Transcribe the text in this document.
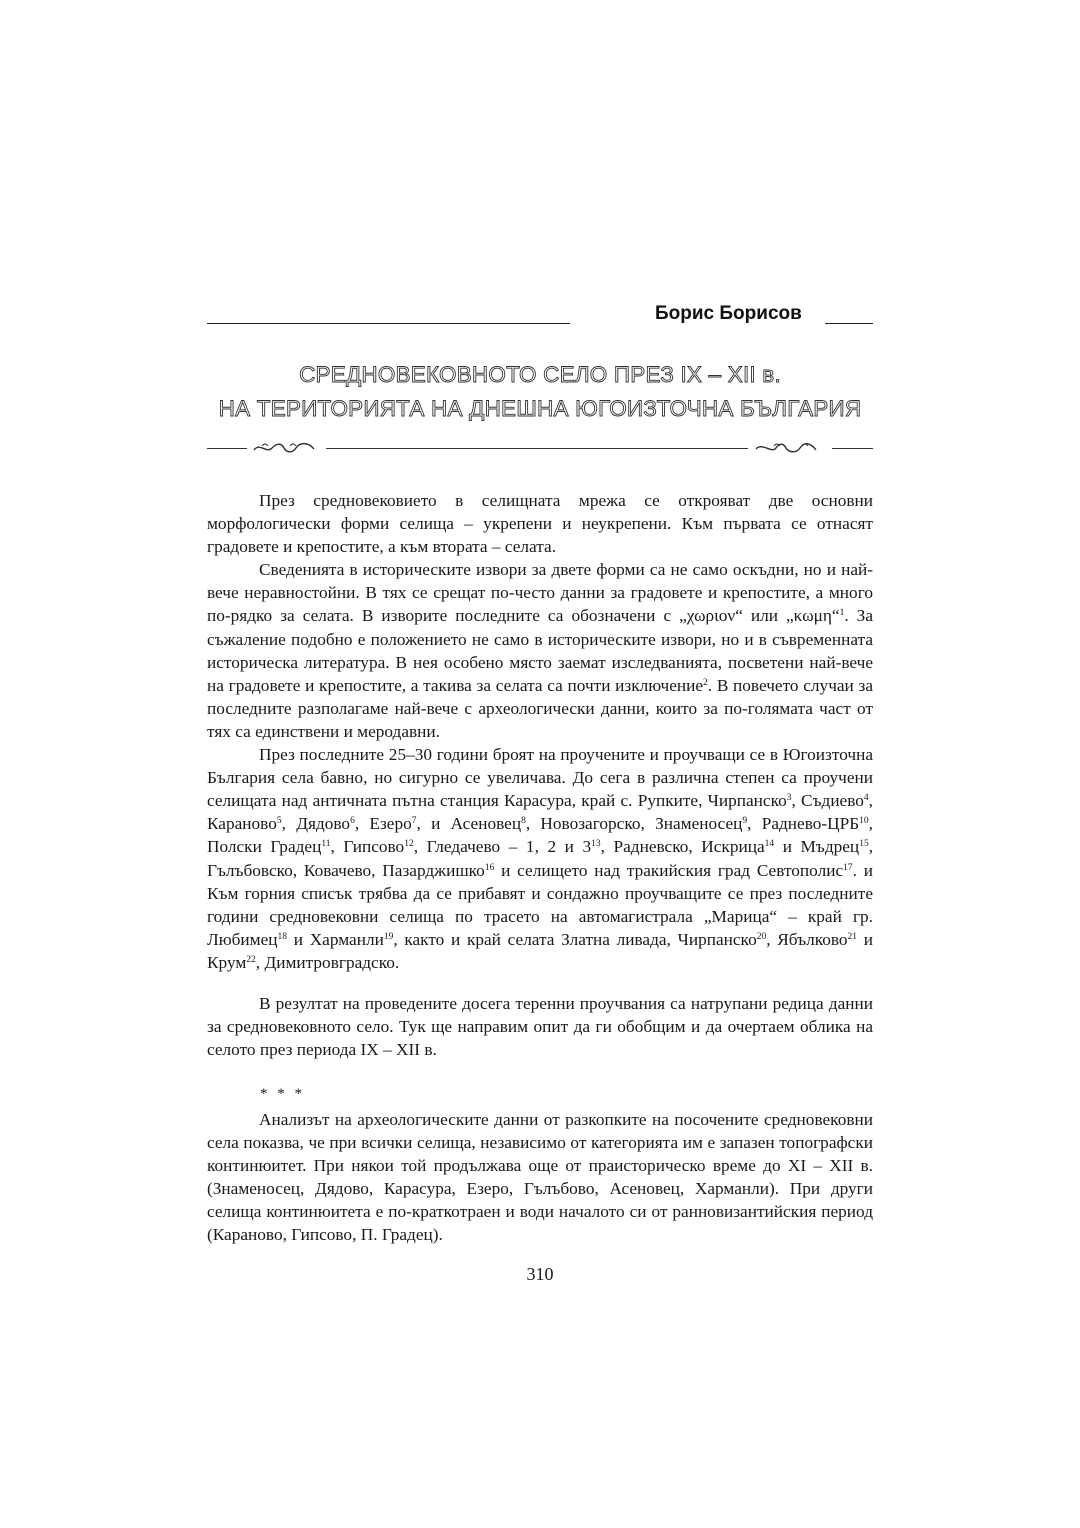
Борис Борисов
СРЕДНОВЕКОВНОТО СЕЛО ПРЕЗ IX – XII в.
НА ТЕРИТОРИЯТА НА ДНЕШНА ЮГОИЗТОЧНА БЪЛГАРИЯ

През средновековието в селищната мрежа се открояват две основни морфологически форми селища – укрепени и неукрепени. Към първата се отнасят градовете и крепостите, а към втората – селата.

Сведенията в историческите извори за двете форми са не само оскъдни, но и най-вече неравностойни. В тях се срещат по-често данни за градовете и крепостите, а много по-рядко за селата. В изворите последните са обозначени с „χωριον“ или „κωμη“$^1$. За съжаление подобно е положението не само в историческите извори, но и в съвременната историческа литература. В нея особено място заемат изследванията, посветени най-вече на градовете и крепостите, а такива за селата са почти изключение$^2$. В повечето случаи за последните разполагаме най-вече с археологически данни, които за по-голямата част от тях са единствени и меродавни.

През последните 25–30 години броят на проучените и проучващи се в Югоизточна България села бавно, но сигурно се увеличава. До сега в различна степен са проучени селищата над античната пътна станция Карасура, край с. Рупките, Чирпанско$^3$, Съдиево$^4$, Караново$^5$, Дядово$^6$, Езеро$^7$, и Асеновец$^8$, Новозагорско, Знаменосец$^9$, Раднево-ЦРБ$^{10}$, Полски Градец$^{11}$, Гипсово$^{12}$, Гледачево – 1, 2 и $3^{13}$, Радневско, Искрица$^{14}$ и Мъдрец$^{15}$, Гълъбовско, Ковачево, Пазарджишко$^{16}$ и селището над тракийския град Севтополис$^{17}$. и Към горния списък трябва да се прибавят и сондажно проучващите се през последните години средновековни селища по трасето на автомагистрала „Марица“ – край гр. Любимец$^{18}$ и Харманли$^{19}$, както и край селата Златна ливада, Чирпанско$^{20}$, Ябълково$^{21}$ и Крум$^{22}$, Димитровградско.

В резултат на проведените досега теренни проучвания са натрупани редица данни за средновековното село. Тук ще направим опит да ги обобщим и да очертаем облика на селото през периода IX – XII в.

* * *

Анализът на археологическите данни от разкопките на посочените средновековни села показва, че при всички селища, независимо от категорията им е запазен топографски континюитет. При някои той продължава още от праисторическо време до XI – XII в. (Знаменосец, Дядово, Карасура, Езеро, Гълъбово, Асеновец, Харманли). При други селища континюитета е по-краткотраен и води началото си от ранновизантийския период (Караново, Гипсово, П. Градец).

310
